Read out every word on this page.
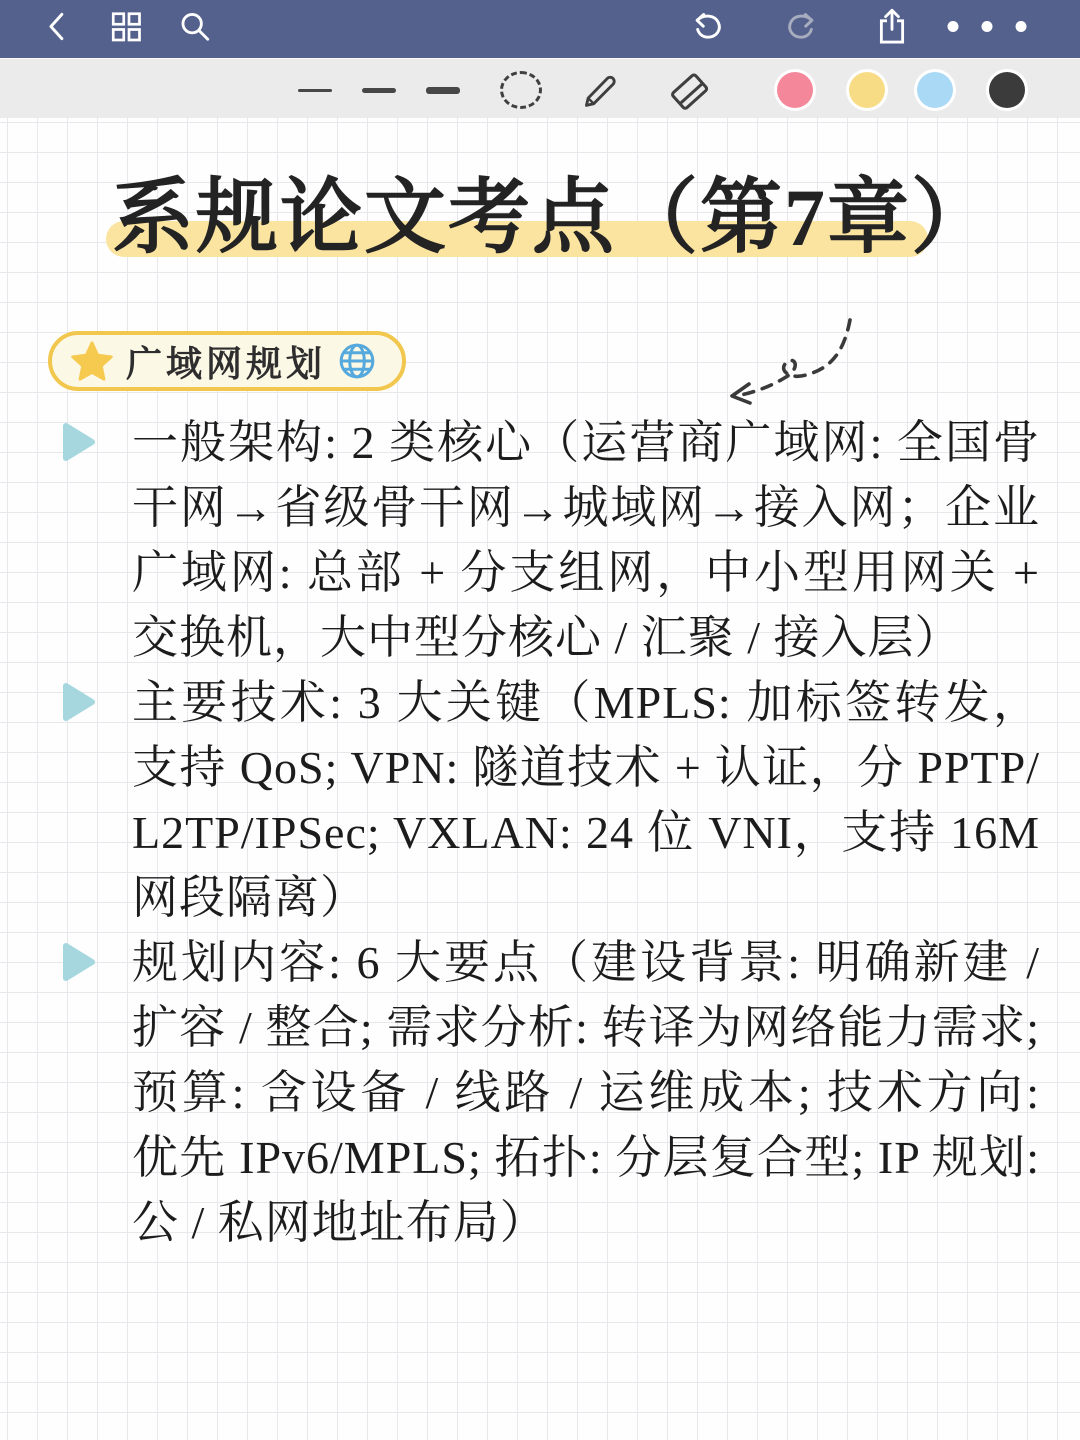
系规论文考点（第7章）
广域网规划
一般架构: 2 类核心（运营商广域网: 全国骨干网→省级骨干网→城域网→接入网；企业广域网: 总部 + 分支组网，中小型用网关 + 交换机，大中型分核心 / 汇聚 / 接入层）
主要技术: 3 大关键（MPLS: 加标签转发，支持 QoS; VPN: 隧道技术 + 认证，分 PPTP/L2TP/IPSec; VXLAN: 24 位 VNI，支持 16M 网段隔离）
规划内容: 6 大要点（建设背景: 明确新建 / 扩容 / 整合; 需求分析: 转译为网络能力需求; 预算: 含设备 / 线路 / 运维成本; 技术方向: 优先 IPv6/MPLS; 拓扑: 分层复合型; IP 规划: 公 / 私网地址布局）
